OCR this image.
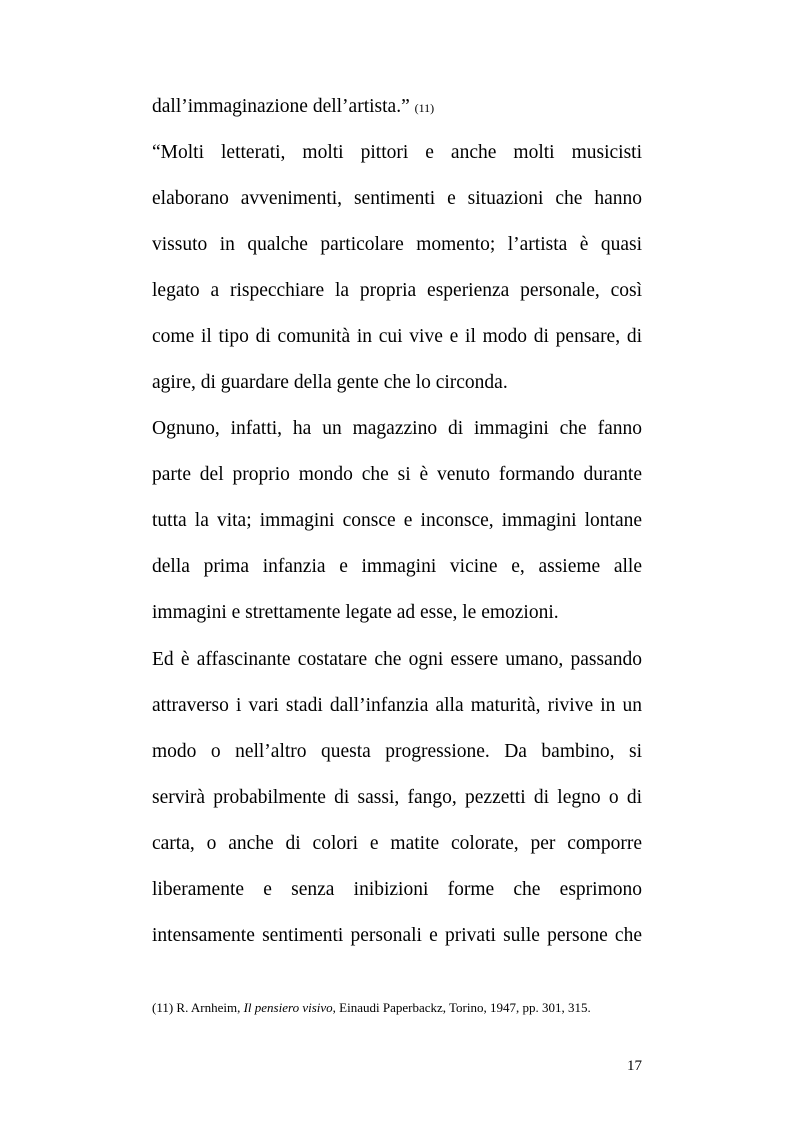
dall’immaginazione dell’artista.” (11)
“Molti letterati, molti pittori e anche molti musicisti
elaborano avvenimenti, sentimenti e situazioni che hanno
vissuto in qualche particolare momento; l’artista è quasi
legato a rispecchiare la propria esperienza personale, così
come il tipo di comunità in cui vive e il modo di pensare, di
agire, di guardare della gente che lo circonda.
Ognuno, infatti, ha un magazzino di immagini che fanno
parte del proprio mondo che si è venuto formando durante
tutta la vita; immagini consce e inconsce, immagini lontane
della prima infanzia e immagini vicine e, assieme alle
immagini e strettamente legate ad esse, le emozioni.
Ed è affascinante costatare che ogni essere umano, passando
attraverso i vari stadi dall’infanzia alla maturità, rivive in un
modo o nell’altro questa progressione. Da bambino, si
servirà probabilmente di sassi, fango, pezzetti di legno o di
carta, o anche di colori e matite colorate, per comporre
liberamente e senza inibizioni forme che esprimono
intensamente sentimenti personali e privati sulle persone che
(11) R. Arnheim, Il pensiero visivo, Einaudi Paperbackz, Torino, 1947, pp. 301, 315.
17
